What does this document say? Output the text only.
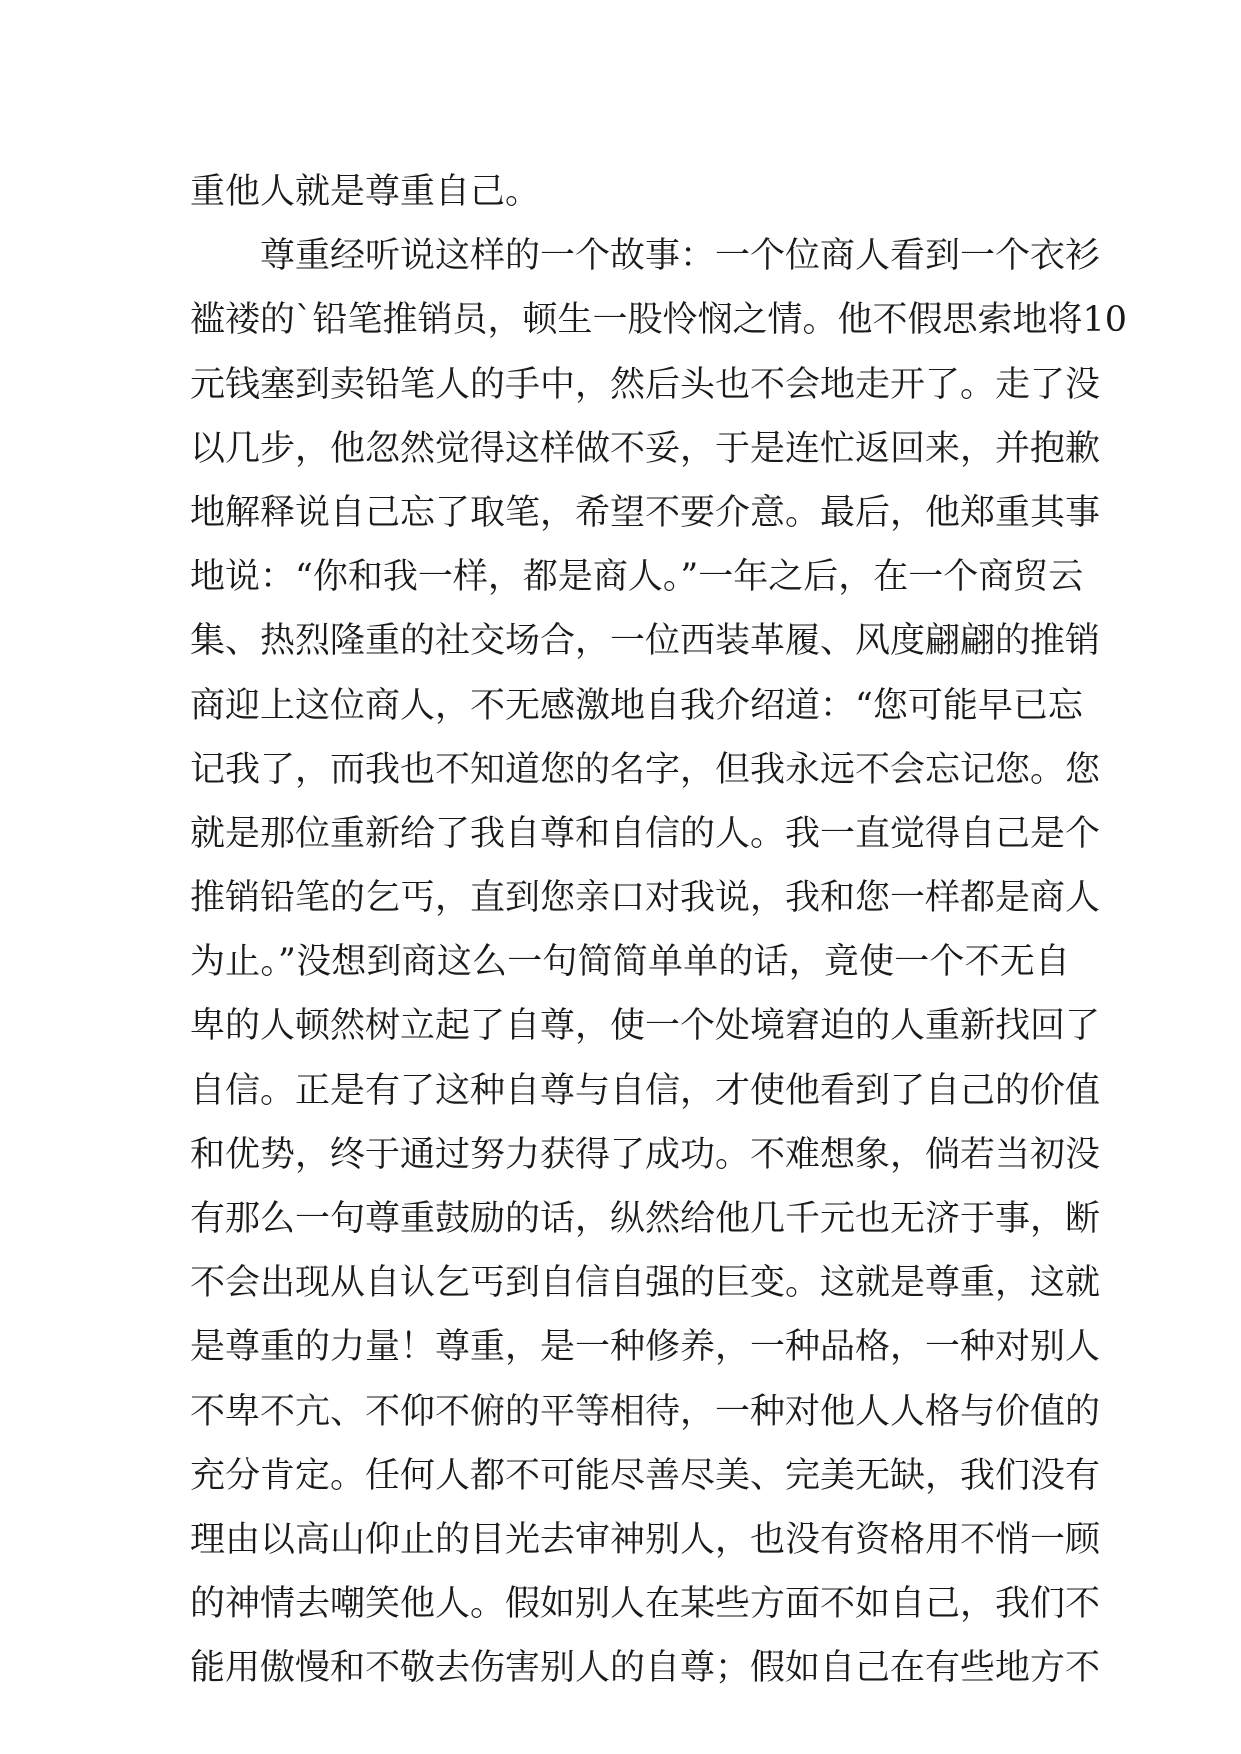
重他人就是尊重自己。
尊重经听说这样的一个故事：一个位商人看到一个衣衫
褴褛的`铅笔推销员，顿生一股怜悯之情。他不假思索地将10
元钱塞到卖铅笔人的手中，然后头也不会地走开了。走了没
以几步，他忽然觉得这样做不妥，于是连忙返回来，并抱歉
地解释说自己忘了取笔，希望不要介意。最后，他郑重其事
地说：“你和我一样，都是商人。”一年之后，在一个商贸云
集、热烈隆重的社交场合，一位西装革履、风度翩翩的推销
商迎上这位商人，不无感激地自我介绍道：“您可能早已忘
记我了，而我也不知道您的名字，但我永远不会忘记您。您
就是那位重新给了我自尊和自信的人。我一直觉得自己是个
推销铅笔的乞丐，直到您亲口对我说，我和您一样都是商人
为止。”没想到商这么一句简简单单的话，竟使一个不无自
卑的人顿然树立起了自尊，使一个处境窘迫的人重新找回了
自信。正是有了这种自尊与自信，才使他看到了自己的价值
和优势，终于通过努力获得了成功。不难想象，倘若当初没
有那么一句尊重鼓励的话，纵然给他几千元也无济于事，断
不会出现从自认乞丐到自信自强的巨变。这就是尊重，这就
是尊重的力量！尊重，是一种修养，一种品格，一种对别人
不卑不亢、不仰不俯的平等相待，一种对他人人格与价值的
充分肯定。任何人都不可能尽善尽美、完美无缺，我们没有
理由以高山仰止的目光去审神别人，也没有资格用不悄一顾
的神情去嘲笑他人。假如别人在某些方面不如自己，我们不
能用傲慢和不敬去伤害别人的自尊；假如自己在有些地方不
